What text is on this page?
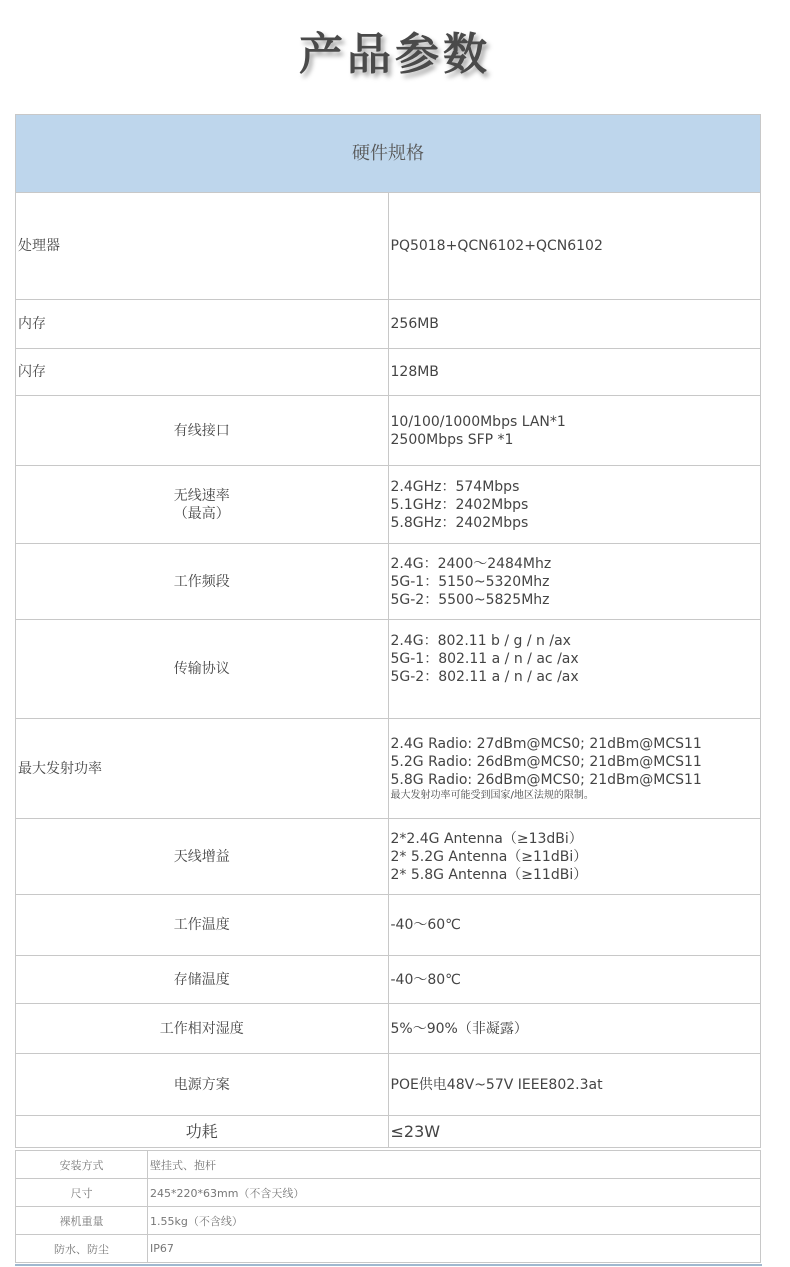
产品参数
硬件规格	
处理器	PQ5018+QCN6102+QCN6102

内存	256MB

闪存	128MB

有线接口	10/100/1000Mbps LAN*1
2500Mbps SFP *1

无线速率
（最高）	2.4GHz：574Mbps
5.1GHz：2402Mbps
5.8GHz：2402Mbps

工作频段	2.4G：2400～2484Mhz
5G-1：5150~5320Mhz
5G-2：5500~5825Mhz

传输协议	2.4G：802.11 b / g / n /ax
5G-1：802.11 a / n / ac /ax
5G-2：802.11 a / n / ac /ax

最大发射功率	2.4G Radio: 27dBm@MCS0; 21dBm@MCS11
5.2G Radio: 26dBm@MCS0; 21dBm@MCS11
5.8G Radio: 26dBm@MCS0; 21dBm@MCS11
最大发射功率可能受到国家/地区法规的限制。

天线增益	2*2.4G Antenna（≥13dBi）
2* 5.2G Antenna（≥11dBi）
2* 5.8G Antenna（≥11dBi）

工作温度	-40～60℃

存储温度	-40～80℃

工作相对湿度	5%～90%（非凝露）

电源方案	POE供电48V~57V IEEE802.3at

功耗	≤23W
安装方式	壁挂式、抱杆
尺寸	245*220*63mm（不含天线）
裸机重量	1.55kg（不含线）
防水、防尘	IP67
